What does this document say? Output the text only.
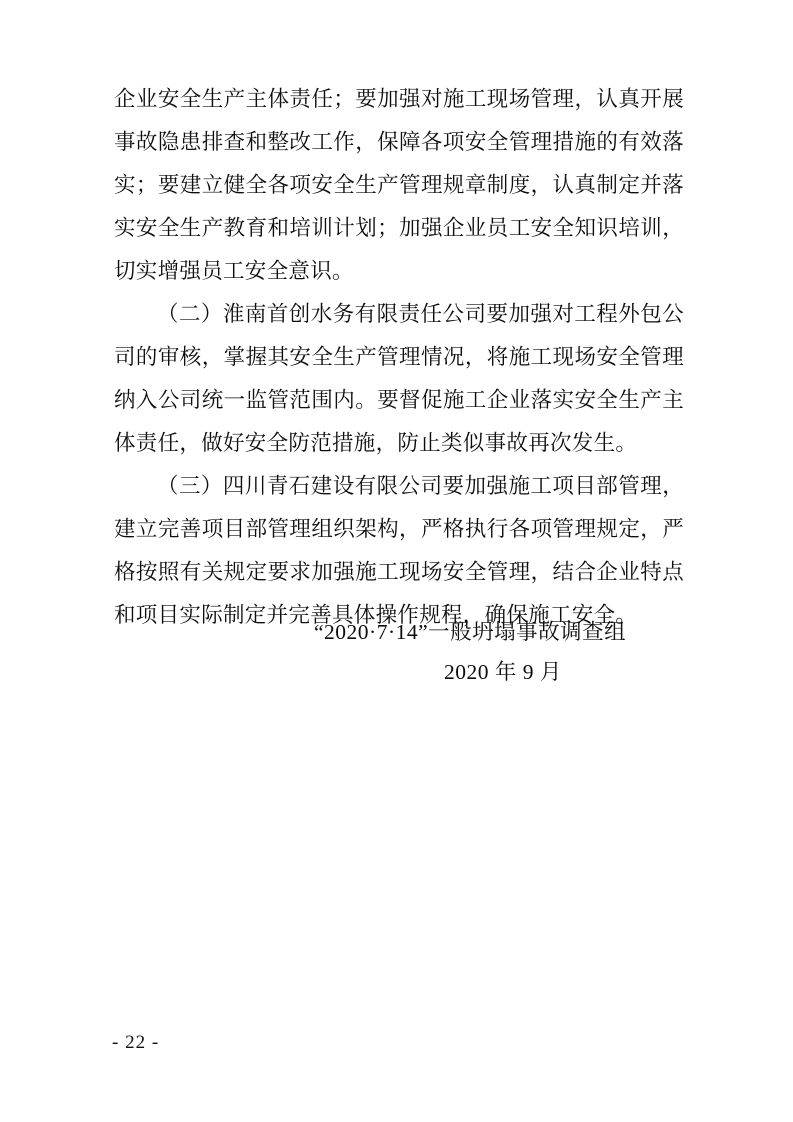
企业安全生产主体责任；要加强对施工现场管理，认真开展事故隐患排查和整改工作，保障各项安全管理措施的有效落实；要建立健全各项安全生产管理规章制度，认真制定并落实安全生产教育和培训计划；加强企业员工安全知识培训，切实增强员工安全意识。

（二）淮南首创水务有限责任公司要加强对工程外包公司的审核，掌握其安全生产管理情况，将施工现场安全管理纳入公司统一监管范围内。要督促施工企业落实安全生产主体责任，做好安全防范措施，防止类似事故再次发生。

（三）四川青石建设有限公司要加强施工项目部管理，建立完善项目部管理组织架构，严格执行各项管理规定，严格按照有关规定要求加强施工现场安全管理，结合企业特点和项目实际制定并完善具体操作规程，确保施工安全。

“2020·7·14”一般坍塌事故调查组
2020 年 9 月
- 22 -
